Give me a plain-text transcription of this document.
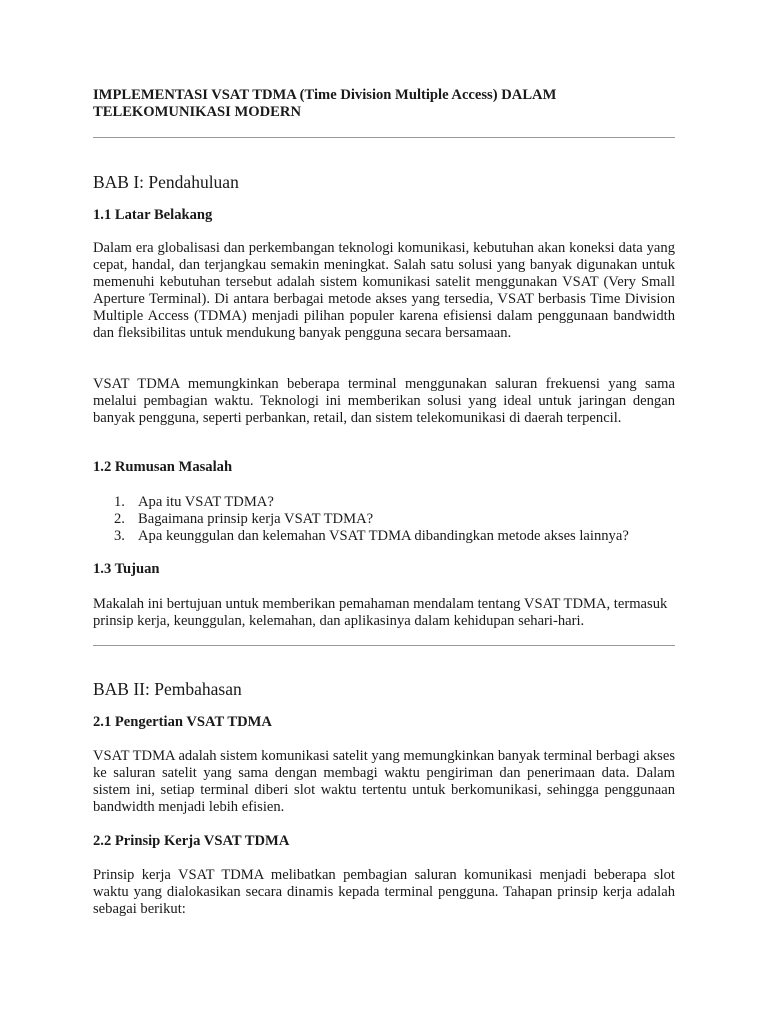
IMPLEMENTASI VSAT TDMA (Time Division Multiple Access) DALAM TELEKOMUNIKASI MODERN
BAB I: Pendahuluan
1.1 Latar Belakang

Dalam era globalisasi dan perkembangan teknologi komunikasi, kebutuhan akan koneksi data yang cepat, handal, dan terjangkau semakin meningkat. Salah satu solusi yang banyak digunakan untuk memenuhi kebutuhan tersebut adalah sistem komunikasi satelit menggunakan VSAT (Very Small Aperture Terminal). Di antara berbagai metode akses yang tersedia, VSAT berbasis Time Division Multiple Access (TDMA) menjadi pilihan populer karena efisiensi dalam penggunaan bandwidth dan fleksibilitas untuk mendukung banyak pengguna secara bersamaan.

VSAT TDMA memungkinkan beberapa terminal menggunakan saluran frekuensi yang sama melalui pembagian waktu. Teknologi ini memberikan solusi yang ideal untuk jaringan dengan banyak pengguna, seperti perbankan, retail, dan sistem telekomunikasi di daerah terpencil.

1.2 Rumusan Masalah
1. Apa itu VSAT TDMA?
2. Bagaimana prinsip kerja VSAT TDMA?
3. Apa keunggulan dan kelemahan VSAT TDMA dibandingkan metode akses lainnya?
1.3 Tujuan

Makalah ini bertujuan untuk memberikan pemahaman mendalam tentang VSAT TDMA, termasuk prinsip kerja, keunggulan, kelemahan, dan aplikasinya dalam kehidupan sehari-hari.

BAB II: Pembahasan
2.1 Pengertian VSAT TDMA

VSAT TDMA adalah sistem komunikasi satelit yang memungkinkan banyak terminal berbagi akses ke saluran satelit yang sama dengan membagi waktu pengiriman dan penerimaan data. Dalam sistem ini, setiap terminal diberi slot waktu tertentu untuk berkomunikasi, sehingga penggunaan bandwidth menjadi lebih efisien.

2.2 Prinsip Kerja VSAT TDMA

Prinsip kerja VSAT TDMA melibatkan pembagian saluran komunikasi menjadi beberapa slot waktu yang dialokasikan secara dinamis kepada terminal pengguna. Tahapan prinsip kerja adalah sebagai berikut:
